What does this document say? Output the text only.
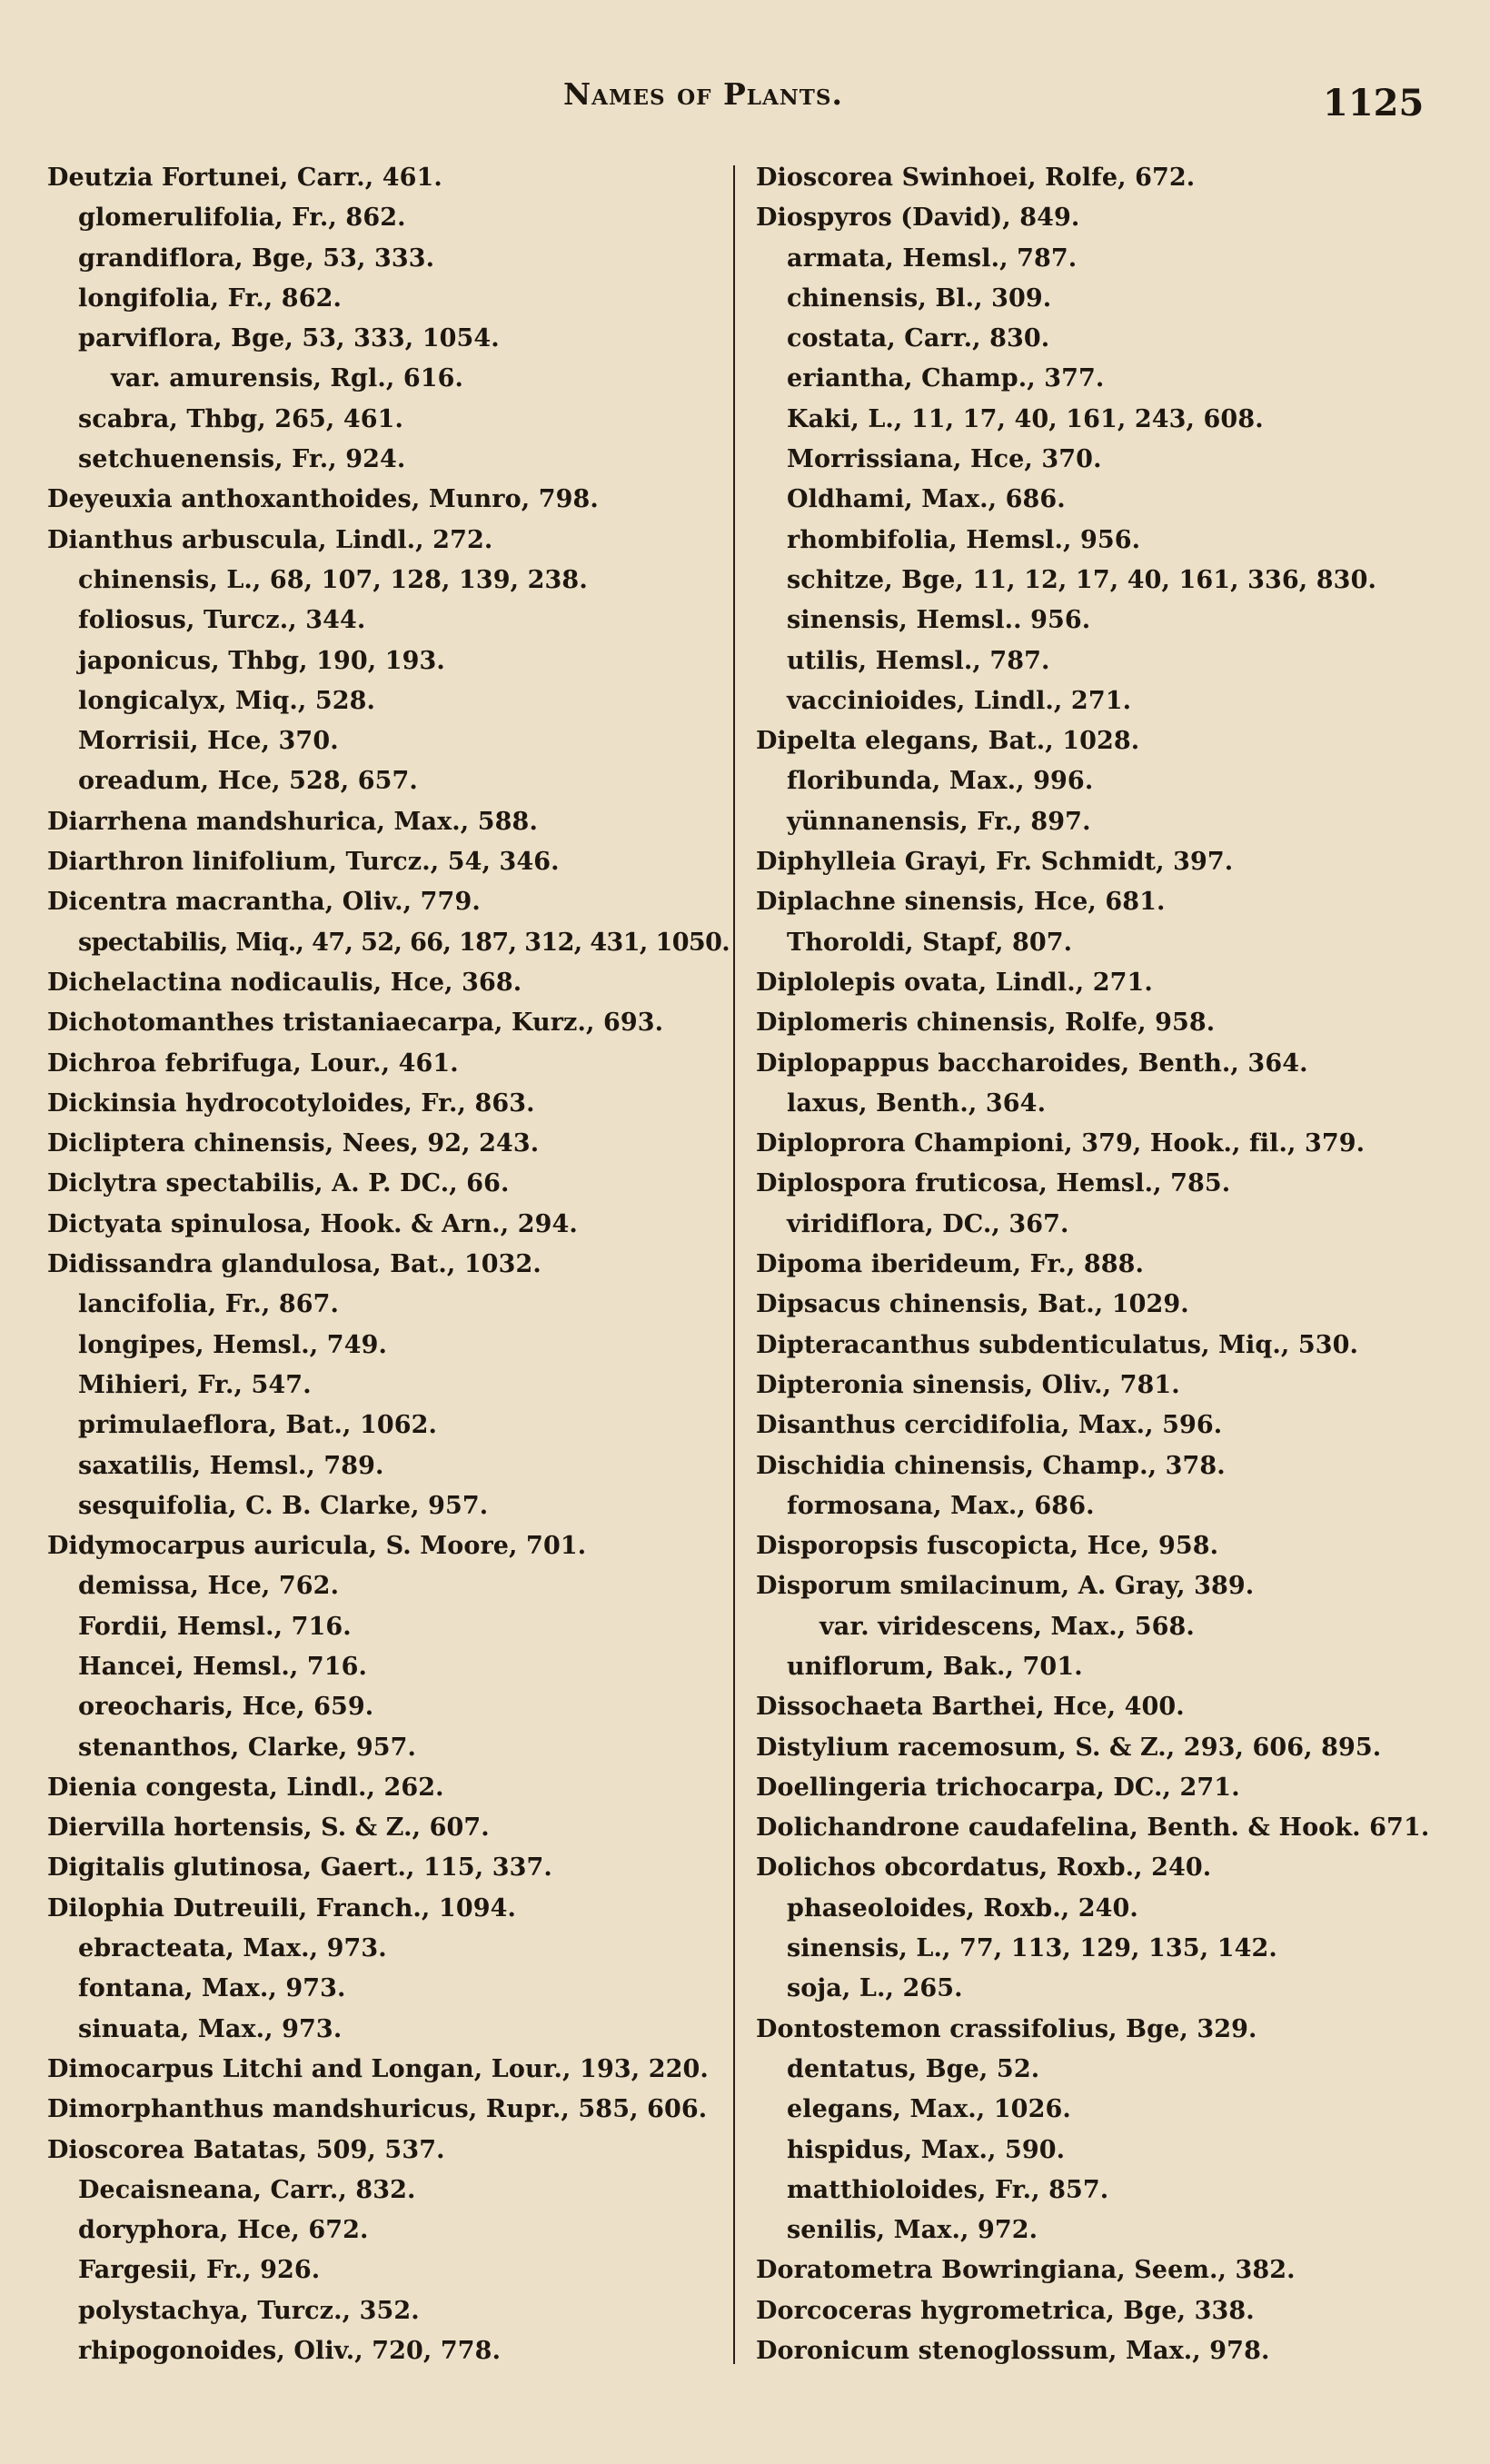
Names of Plants.	1125
Deutzia Fortunei, Carr., 461.
glomerulifolia, Fr., 862.
grandiflora, Bge, 53, 333.
longifolia, Fr., 862.
parviflora, Bge, 53, 333, 1054.
var. amurensis, Rgl., 616.
scabra, Thbg, 265, 461.
setchuenensis, Fr., 924.
Deyeuxia anthoxanthoides, Munro, 798.
Dianthus arbuscula, Lindl., 272.
chinensis, L., 68, 107, 128, 139, 238.
foliosus, Turcz., 344.
japonicus, Thbg, 190, 193.
longicalyx, Miq., 528.
Morrisii, Hce, 370.
oreadum, Hce, 528, 657.
Diarrhena mandshurica, Max., 588.
Diarthron linifolium, Turcz., 54, 346.
Dicentra macrantha, Oliv., 779.
spectabilis, Miq., 47, 52, 66, 187, 312, 431, 1050.
Dichelactina nodicaulis, Hce, 368.
Dichotomanthes tristaniaecarpa, Kurz., 693.
Dichroa febrifuga, Lour., 461.
Dickinsia hydrocotyloides, Fr., 863.
Dicliptera chinensis, Nees, 92, 243.
Diclytra spectabilis, A. P. DC., 66.
Dictyata spinulosa, Hook. & Arn., 294.
Didissandra glandulosa, Bat., 1032.
lancifolia, Fr., 867.
longipes, Hemsl., 749.
Mihieri, Fr., 547.
primulaeflora, Bat., 1062.
saxatilis, Hemsl., 789.
sesquifolia, C. B. Clarke, 957.
Didymocarpus auricula, S. Moore, 701.
demissa, Hce, 762.
Fordii, Hemsl., 716.
Hancei, Hemsl., 716.
oreocharis, Hce, 659.
stenanthos, Clarke, 957.
Dienia congesta, Lindl., 262.
Diervilla hortensis, S. & Z., 607.
Digitalis glutinosa, Gaert., 115, 337.
Dilophia Dutreuili, Franch., 1094.
ebracteata, Max., 973.
fontana, Max., 973.
sinuata, Max., 973.
Dimocarpus Litchi and Longan, Lour., 193, 220.
Dimorphanthus mandshuricus, Rupr., 585, 606.
Dioscorea Batatas, 509, 537.
Decaisneana, Carr., 832.
doryphora, Hce, 672.
Fargesii, Fr., 926.
polystachya, Turcz., 352.
rhipogonoides, Oliv., 720, 778.
Dioscorea Swinhoei, Rolfe, 672.
Diospyros (David), 849.
armata, Hemsl., 787.
chinensis, Bl., 309.
costata, Carr., 830.
eriantha, Champ., 377.
Kaki, L., 11, 17, 40, 161, 243, 608.
Morrissiana, Hce, 370.
Oldhami, Max., 686.
rhombifolia, Hemsl., 956.
schitze, Bge, 11, 12, 17, 40, 161, 336, 830.
sinensis, Hemsl.. 956.
utilis, Hemsl., 787.
vaccinioides, Lindl., 271.
Dipelta elegans, Bat., 1028.
floribunda, Max., 996.
yünnanensis, Fr., 897.
Diphylleia Grayi, Fr. Schmidt, 397.
Diplachne sinensis, Hce, 681.
Thoroldi, Stapf, 807.
Diplolepis ovata, Lindl., 271.
Diplomeris chinensis, Rolfe, 958.
Diplopappus baccharoides, Benth., 364.
laxus, Benth., 364.
Diploprora Championi, 379, Hook., fil., 379.
Diplospora fruticosa, Hemsl., 785.
viridiflora, DC., 367.
Dipoma iberideum, Fr., 888.
Dipsacus chinensis, Bat., 1029.
Dipteracanthus subdenticulatus, Miq., 530.
Dipteronia sinensis, Oliv., 781.
Disanthus cercidifolia, Max., 596.
Dischidia chinensis, Champ., 378.
formosana, Max., 686.
Disporopsis fuscopicta, Hce, 958.
Disporum smilacinum, A. Gray, 389.
var. viridescens, Max., 568.
uniflorum, Bak., 701.
Dissochaeta Barthei, Hce, 400.
Distylium racemosum, S. & Z., 293, 606, 895.
Doellingeria trichocarpa, DC., 271.
Dolichandrone caudafelina, Benth. & Hook. 671.
Dolichos obcordatus, Roxb., 240.
phaseoloides, Roxb., 240.
sinensis, L., 77, 113, 129, 135, 142.
soja, L., 265.
Dontostemon crassifolius, Bge, 329.
dentatus, Bge, 52.
elegans, Max., 1026.
hispidus, Max., 590.
matthioloides, Fr., 857.
senilis, Max., 972.
Doratometra Bowringiana, Seem., 382.
Dorcoceras hygrometrica, Bge, 338.
Doronicum stenoglossum, Max., 978.
